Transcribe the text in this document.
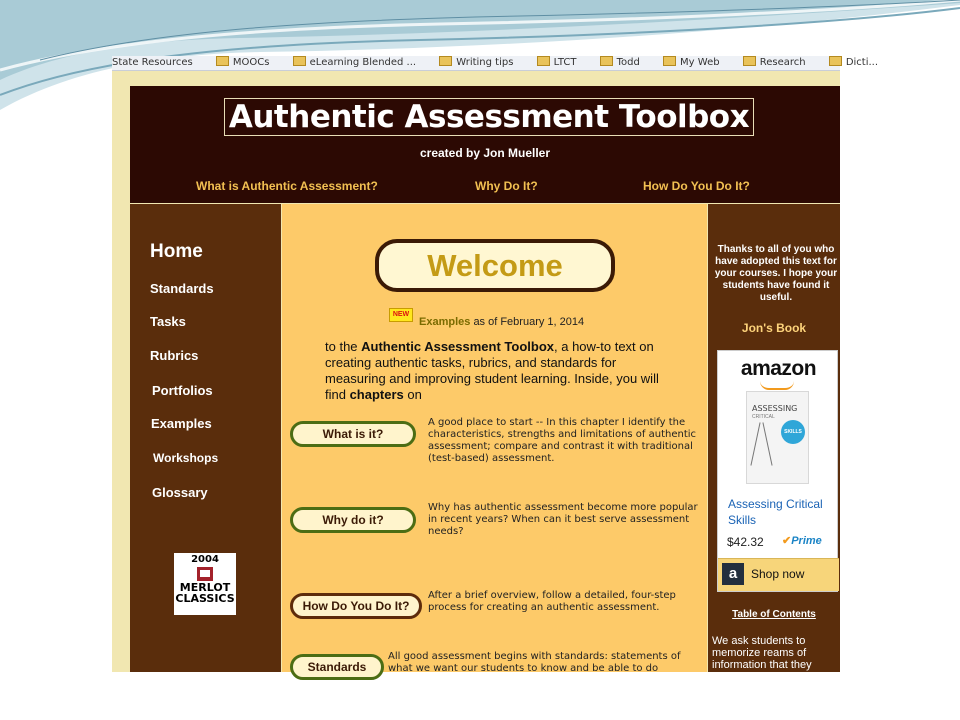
State Resources	MOOCs	eLearning Blended ...	Writing tips	LTCT	Todd	My Web	Research	Dicti...
Authentic Assessment Toolbox
created by Jon Mueller
What is Authentic Assessment?	Why Do It?	How Do You Do It?
Home
Standards
Tasks
Rubrics
Portfolios
Examples
Workshops
Glossary
2004
MERLOT
CLASSICS
Welcome
NEW
Examples as of February 1, 2014
to the Authentic Assessment Toolbox, a how-to text on creating authentic tasks, rubrics, and standards for measuring and improving student learning. Inside, you will find chapters on
What is it?
A good place to start -- In this chapter I identify the characteristics, strengths and limitations of authentic assessment; compare and contrast it with traditional (test-based) assessment.
Why do it?
Why has authentic assessment become more popular in recent years? When can it best serve assessment needs?
How Do You Do It?
After a brief overview, follow a detailed, four-step process for creating an authentic assessment.
Standards
All good assessment begins with standards: statements of what we want our students to know and be able to do
Thanks to all of you who have adopted this text for your courses. I hope your students have found it useful.
Jon's Book
amazon
ASSESSING
CRITICAL
SKILLS
Assessing Critical Skills
$42.32 ✔Prime
a	Shop now
Table of Contents
We ask students to memorize reams of information that they
